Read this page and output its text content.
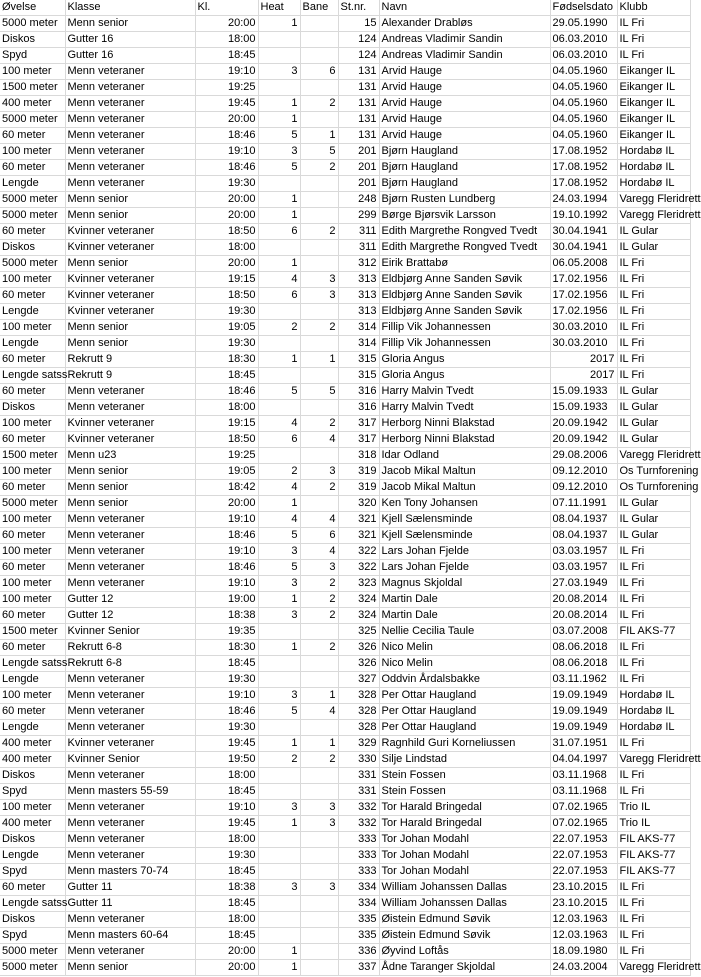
Øvelse	Klasse	Kl.	Heat	Bane	St.nr.	Navn	Fødselsdato	Klubb
5000 meter	Menn senior	20:00	1		15	Alexander Drabløs	29.05.1990	IL Fri
Diskos	Gutter 16	18:00			124	Andreas Vladimir Sandin	06.03.2010	IL Fri
Spyd	Gutter 16	18:45			124	Andreas Vladimir Sandin	06.03.2010	IL Fri
100 meter	Menn veteraner	19:10	3	6	131	Arvid Hauge	04.05.1960	Eikanger IL
1500 meter	Menn veteraner	19:25			131	Arvid Hauge	04.05.1960	Eikanger IL
400 meter	Menn veteraner	19:45	1	2	131	Arvid Hauge	04.05.1960	Eikanger IL
5000 meter	Menn veteraner	20:00	1		131	Arvid Hauge	04.05.1960	Eikanger IL
60 meter	Menn veteraner	18:46	5	1	131	Arvid Hauge	04.05.1960	Eikanger IL
100 meter	Menn veteraner	19:10	3	5	201	Bjørn Haugland	17.08.1952	Hordabø IL
60 meter	Menn veteraner	18:46	5	2	201	Bjørn Haugland	17.08.1952	Hordabø IL
Lengde	Menn veteraner	19:30			201	Bjørn Haugland	17.08.1952	Hordabø IL
5000 meter	Menn senior	20:00	1		248	Bjørn Rusten Lundberg	24.03.1994	Varegg Fleridrett
5000 meter	Menn senior	20:00	1		299	Børge Bjørsvik Larsson	19.10.1992	Varegg Fleridrett
60 meter	Kvinner veteraner	18:50	6	2	311	Edith Margrethe Rongved Tvedt	30.04.1941	IL Gular
Diskos	Kvinner veteraner	18:00			311	Edith Margrethe Rongved Tvedt	30.04.1941	IL Gular
5000 meter	Menn senior	20:00	1		312	Eirik Brattabø	06.05.2008	IL Fri
100 meter	Kvinner veteraner	19:15	4	3	313	Eldbjørg Anne Sanden Søvik	17.02.1956	IL Fri
60 meter	Kvinner veteraner	18:50	6	3	313	Eldbjørg Anne Sanden Søvik	17.02.1956	IL Fri
Lengde	Kvinner veteraner	19:30			313	Eldbjørg Anne Sanden Søvik	17.02.1956	IL Fri
100 meter	Menn senior	19:05	2	2	314	Fillip Vik Johannessen	30.03.2010	IL Fri
Lengde	Menn senior	19:30			314	Fillip Vik Johannessen	30.03.2010	IL Fri
60 meter	Rekrutt 9	18:30	1	1	315	Gloria Angus	2017	IL Fri
Lengde satss	Rekrutt 9	18:45			315	Gloria Angus	2017	IL Fri
60 meter	Menn veteraner	18:46	5	5	316	Harry Malvin Tvedt	15.09.1933	IL Gular
Diskos	Menn veteraner	18:00			316	Harry Malvin Tvedt	15.09.1933	IL Gular
100 meter	Kvinner veteraner	19:15	4	2	317	Herborg Ninni Blakstad	20.09.1942	IL Gular
60 meter	Kvinner veteraner	18:50	6	4	317	Herborg Ninni Blakstad	20.09.1942	IL Gular
1500 meter	Menn u23	19:25			318	Idar Odland	29.08.2006	Varegg Fleridrett
100 meter	Menn senior	19:05	2	3	319	Jacob Mikal Maltun	09.12.2010	Os Turnforening
60 meter	Menn senior	18:42	4	2	319	Jacob Mikal Maltun	09.12.2010	Os Turnforening
5000 meter	Menn senior	20:00	1		320	Ken Tony Johansen	07.11.1991	IL Gular
100 meter	Menn veteraner	19:10	4	4	321	Kjell Sælensminde	08.04.1937	IL Gular
60 meter	Menn veteraner	18:46	5	6	321	Kjell Sælensminde	08.04.1937	IL Gular
100 meter	Menn veteraner	19:10	3	4	322	Lars Johan Fjelde	03.03.1957	IL Fri
60 meter	Menn veteraner	18:46	5	3	322	Lars Johan Fjelde	03.03.1957	IL Fri
100 meter	Menn veteraner	19:10	3	2	323	Magnus Skjoldal	27.03.1949	IL Fri
100 meter	Gutter 12	19:00	1	2	324	Martin Dale	20.08.2014	IL Fri
60 meter	Gutter 12	18:38	3	2	324	Martin Dale	20.08.2014	IL Fri
1500 meter	Kvinner Senior	19:35			325	Nellie Cecilia Taule	03.07.2008	FIL AKS-77
60 meter	Rekrutt 6-8	18:30	1	2	326	Nico Melin	08.06.2018	IL Fri
Lengde satss	Rekrutt 6-8	18:45			326	Nico Melin	08.06.2018	IL Fri
Lengde	Menn veteraner	19:30			327	Oddvin Årdalsbakke	03.11.1962	IL Fri
100 meter	Menn veteraner	19:10	3	1	328	Per Ottar Haugland	19.09.1949	Hordabø IL
60 meter	Menn veteraner	18:46	5	4	328	Per Ottar Haugland	19.09.1949	Hordabø IL
Lengde	Menn veteraner	19:30			328	Per Ottar Haugland	19.09.1949	Hordabø IL
400 meter	Kvinner veteraner	19:45	1	1	329	Ragnhild Guri Korneliussen	31.07.1951	IL Fri
400 meter	Kvinner Senior	19:50	2	2	330	Silje Lindstad	04.04.1997	Varegg Fleridrett
Diskos	Menn veteraner	18:00			331	Stein Fossen	03.11.1968	IL Fri
Spyd	Menn masters 55-59	18:45			331	Stein Fossen	03.11.1968	IL Fri
100 meter	Menn veteraner	19:10	3	3	332	Tor Harald Bringedal	07.02.1965	Trio IL
400 meter	Menn veteraner	19:45	1	3	332	Tor Harald Bringedal	07.02.1965	Trio IL
Diskos	Menn veteraner	18:00			333	Tor Johan Modahl	22.07.1953	FIL AKS-77
Lengde	Menn veteraner	19:30			333	Tor Johan Modahl	22.07.1953	FIL AKS-77
Spyd	Menn masters 70-74	18:45			333	Tor Johan Modahl	22.07.1953	FIL AKS-77
60 meter	Gutter 11	18:38	3	3	334	William Johanssen Dallas	23.10.2015	IL Fri
Lengde satss	Gutter 11	18:45			334	William Johanssen Dallas	23.10.2015	IL Fri
Diskos	Menn veteraner	18:00			335	Øistein Edmund Søvik	12.03.1963	IL Fri
Spyd	Menn masters 60-64	18:45			335	Øistein Edmund Søvik	12.03.1963	IL Fri
5000 meter	Menn veteraner	20:00	1		336	Øyvind Loftås	18.09.1980	IL Fri
5000 meter	Menn senior	20:00	1		337	Ådne Taranger Skjoldal	24.03.2004	Varegg Fleridrett
